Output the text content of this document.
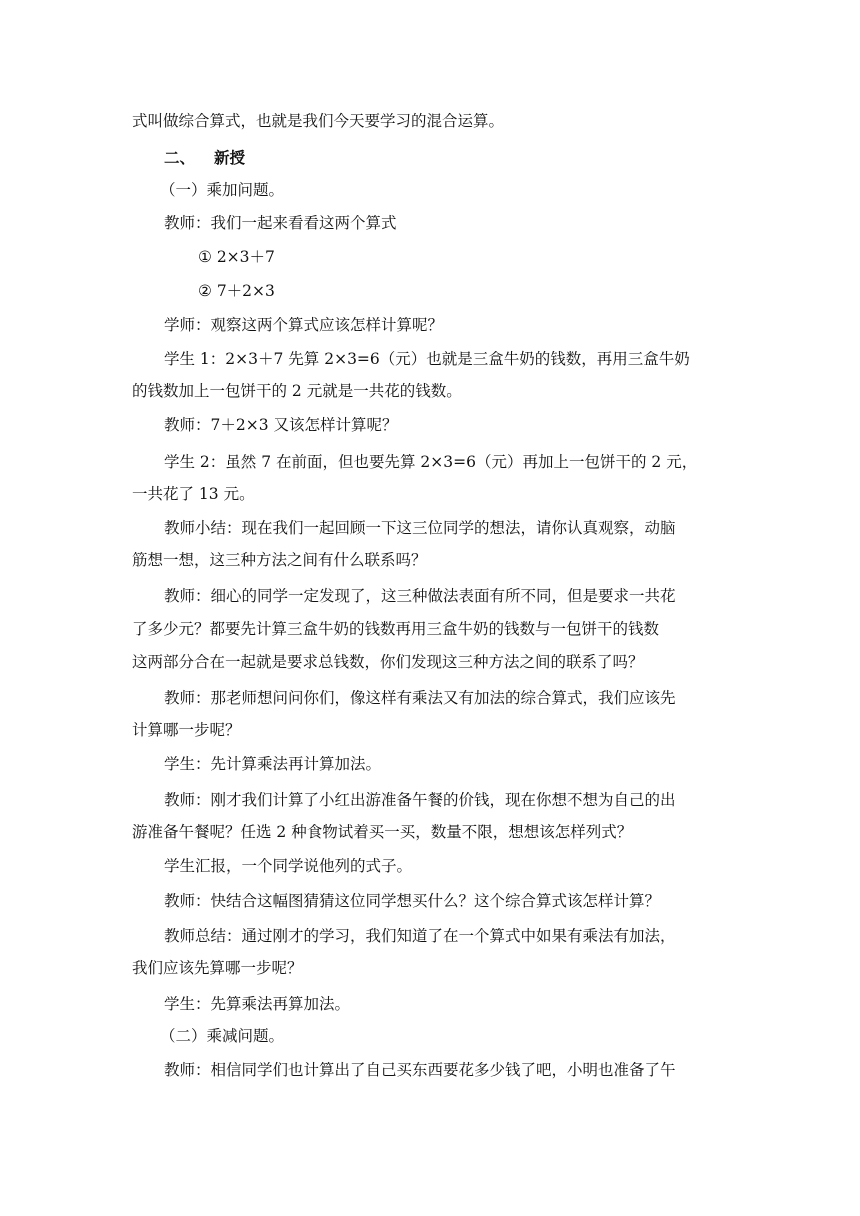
式叫做综合算式，也就是我们今天要学习的混合运算。
二、 新授
（一）乘加问题。
教师：我们一起来看看这两个算式
① 2×3＋7
② 7＋2×3
学师：观察这两个算式应该怎样计算呢？
学生 1：2×3＋7 先算 2×3=6（元）也就是三盒牛奶的钱数，再用三盒牛奶
的钱数加上一包饼干的 2 元就是一共花的钱数。
教师：7＋2×3 又该怎样计算呢？
学生 2：虽然 7 在前面，但也要先算 2×3=6（元）再加上一包饼干的 2 元，
一共花了 13 元。
教师小结：现在我们一起回顾一下这三位同学的想法，请你认真观察，动脑
筋想一想，这三种方法之间有什么联系吗？
教师：细心的同学一定发现了，这三种做法表面有所不同，但是要求一共花
了多少元？都要先计算三盒牛奶的钱数再用三盒牛奶的钱数与一包饼干的钱数
这两部分合在一起就是要求总钱数，你们发现这三种方法之间的联系了吗？
教师：那老师想问问你们，像这样有乘法又有加法的综合算式，我们应该先
计算哪一步呢？
学生：先计算乘法再计算加法。
教师：刚才我们计算了小红出游准备午餐的价钱，现在你想不想为自己的出
游准备午餐呢？任选 2 种食物试着买一买，数量不限，想想该怎样列式？
学生汇报，一个同学说他列的式子。
教师：快结合这幅图猜猜这位同学想买什么？这个综合算式该怎样计算？
教师总结：通过刚才的学习，我们知道了在一个算式中如果有乘法有加法，
我们应该先算哪一步呢？
学生：先算乘法再算加法。
（二）乘减问题。
教师：相信同学们也计算出了自己买东西要花多少钱了吧，小明也准备了午
